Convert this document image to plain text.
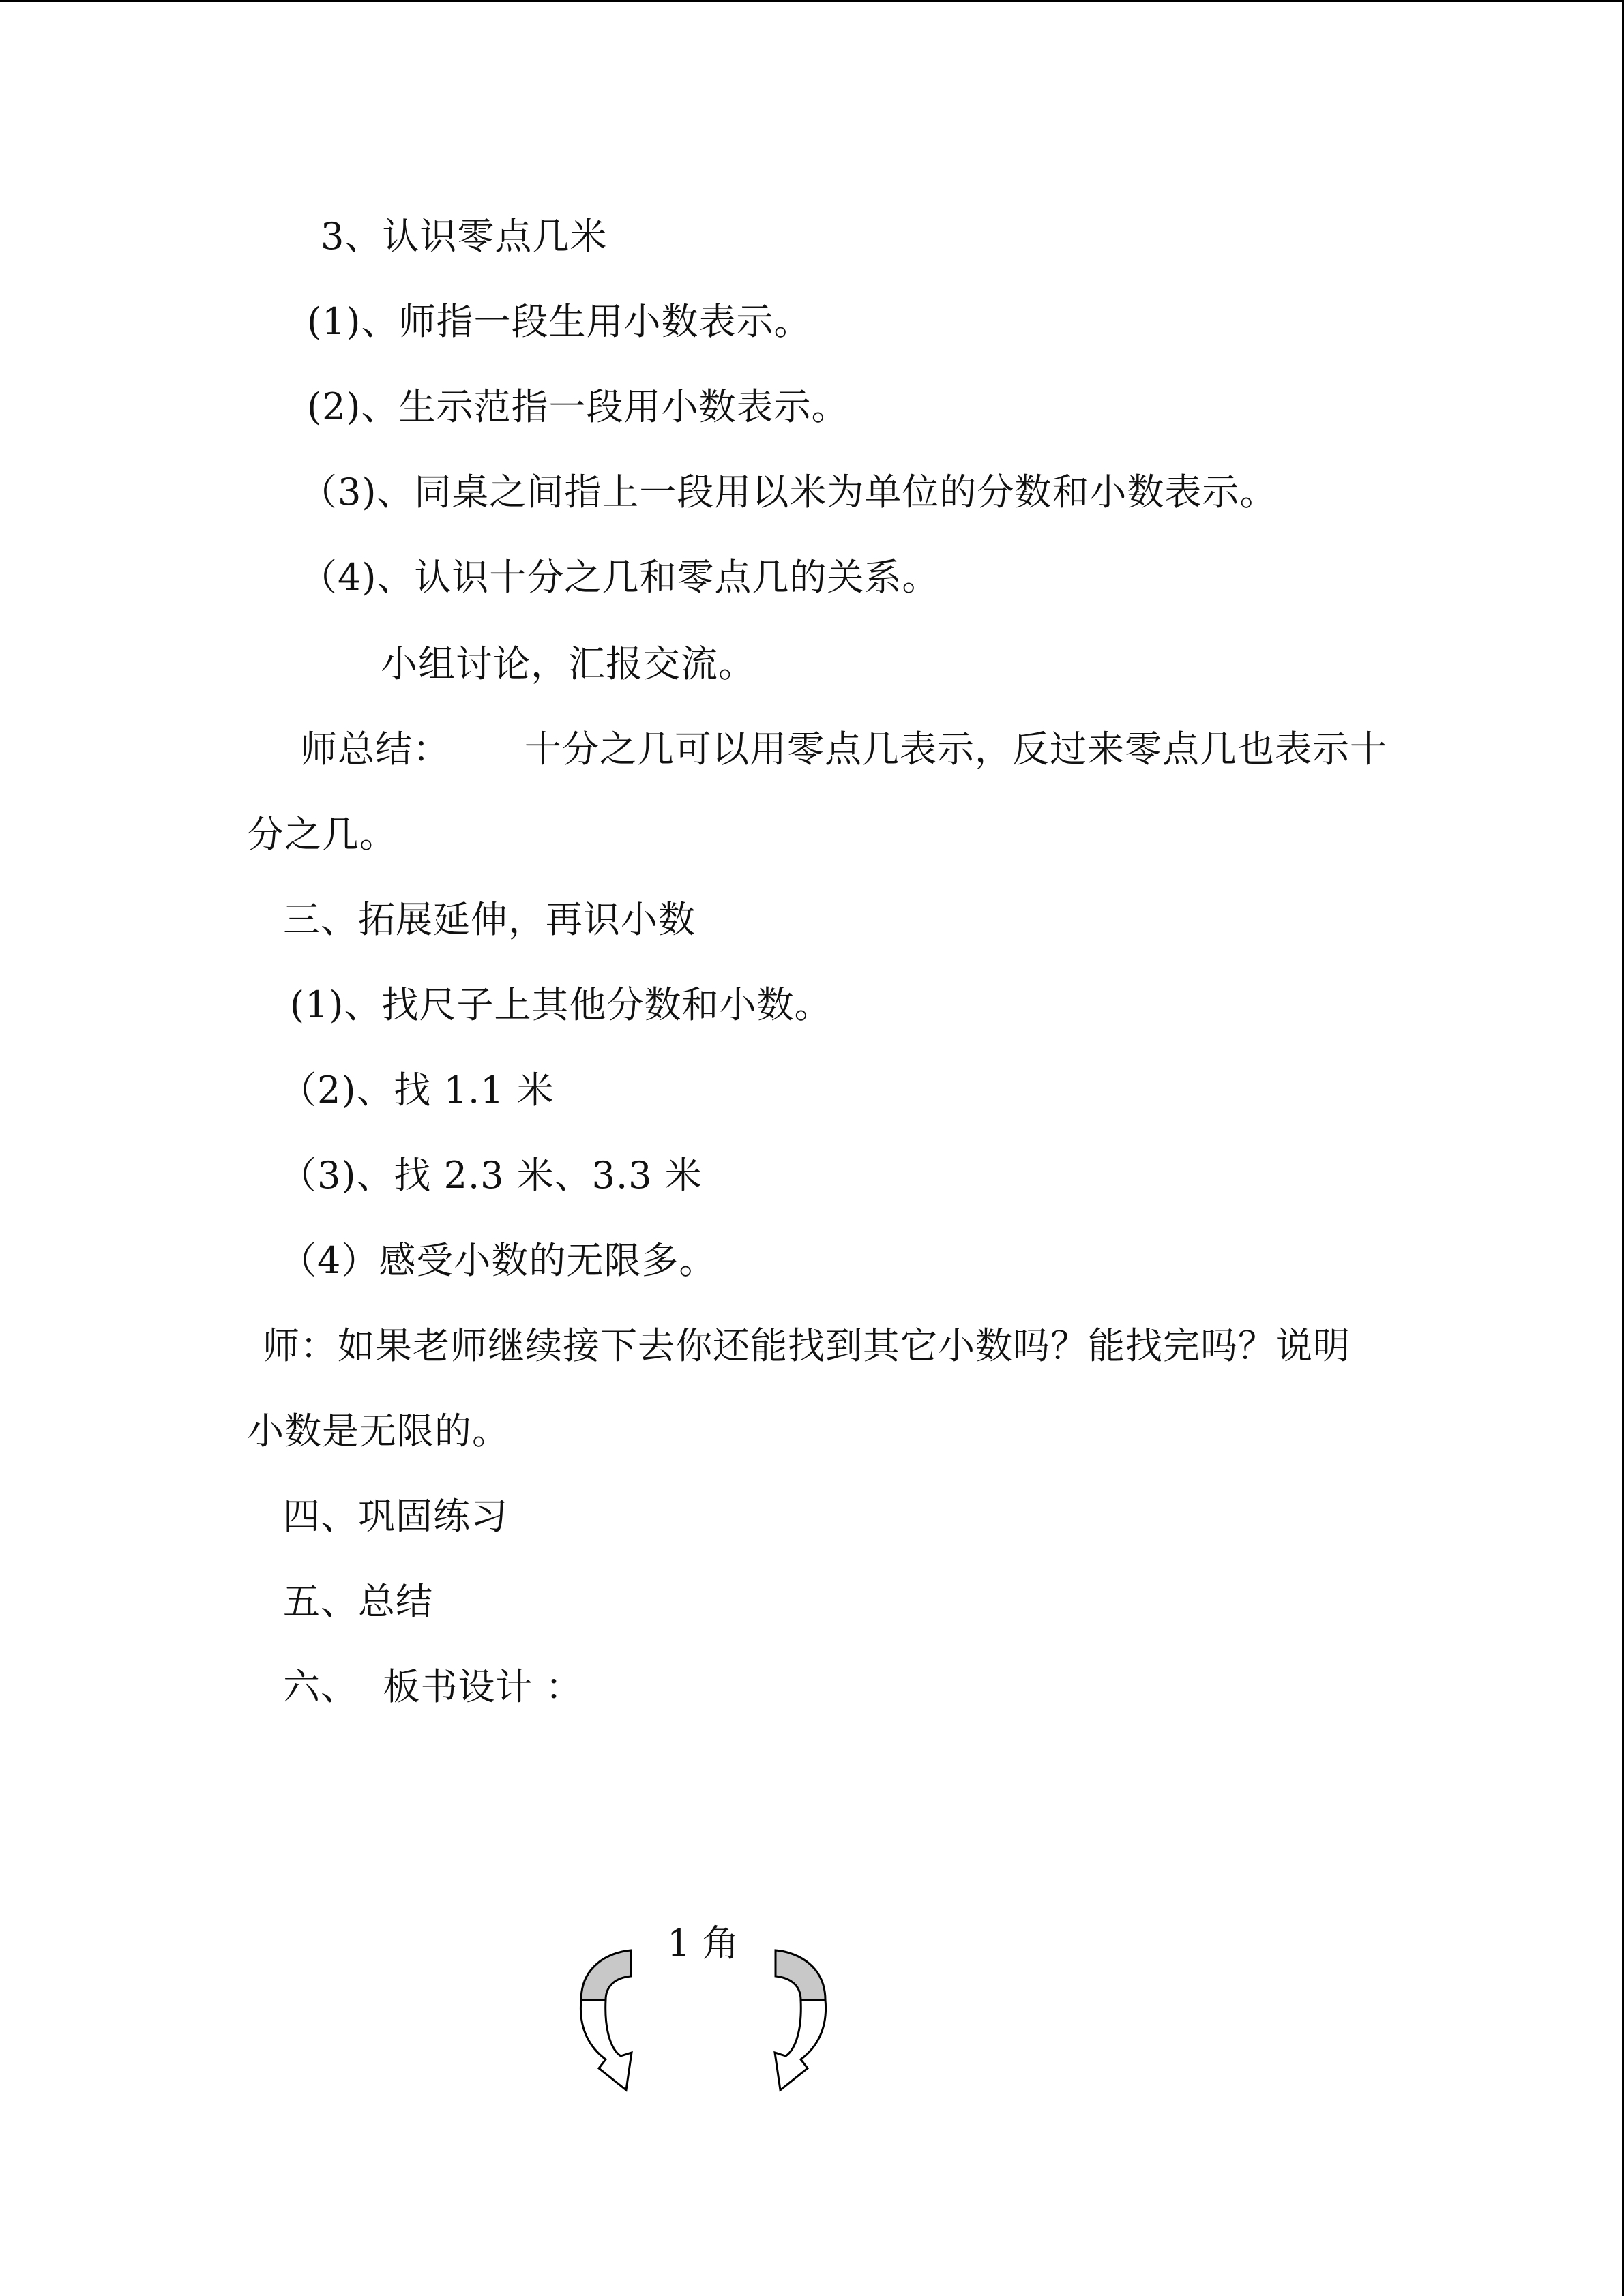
3、认识零点几米
(1)、师指一段生用小数表示。
(2)、生示范指一段用小数表示。
（3)、同桌之间指上一段用以米为单位的分数和小数表示。
（4)、认识十分之几和零点几的关系。
小组讨论，汇报交流。
师总结：      十分之几可以用零点几表示，反过来零点几也表示十
分之几。
三、拓展延伸，再识小数
(1)、找尺子上其他分数和小数。
（2)、找 1.1 米
（3)、找 2.3 米、3.3 米
（4）感受小数的无限多。
师：如果老师继续接下去你还能找到其它小数吗？能找完吗？说明
小数是无限的。
四、巩固练习
五、总结
六、  板书设计 ：
1 角
